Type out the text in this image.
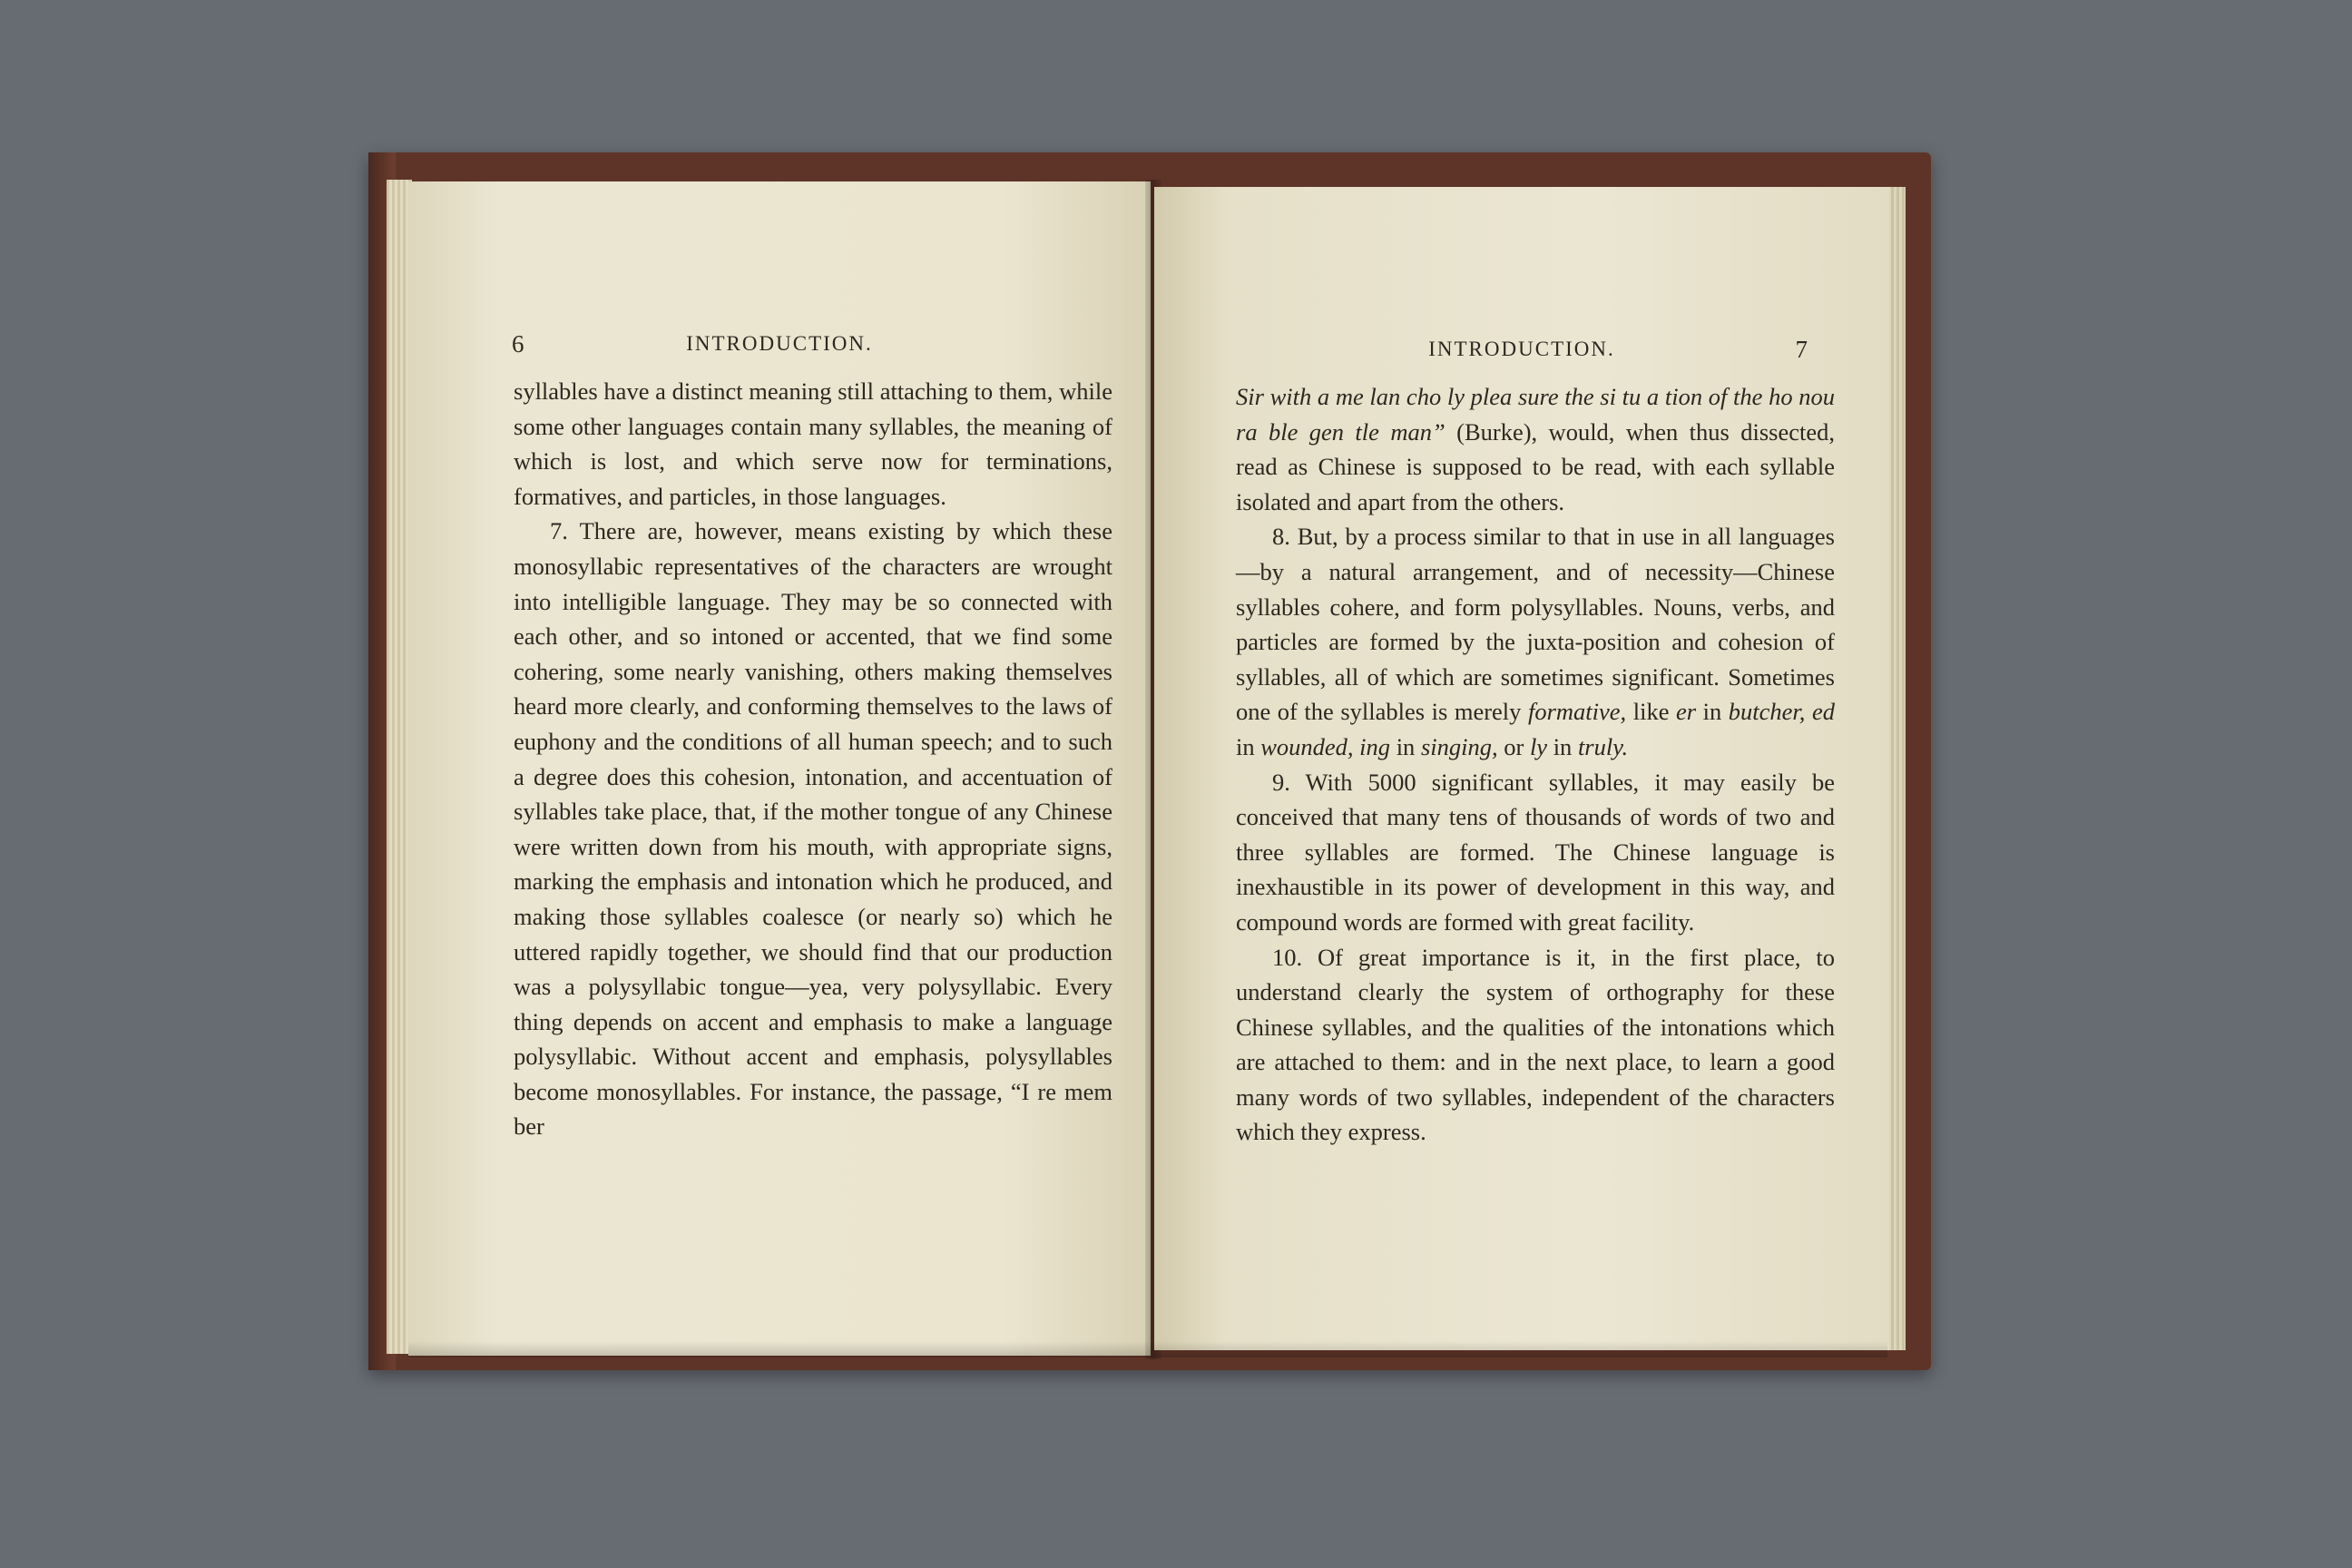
6	INTRODUCTION.

syllables have a distinct meaning still attaching to them, while some other languages contain many syllables, the meaning of which is lost, and which serve now for terminations, formatives, and particles, in those languages.

7. There are, however, means existing by which these monosyllabic representatives of the characters are wrought into intelligible language. They may be so connected with each other, and so intoned or accented, that we find some cohering, some nearly vanishing, others making themselves heard more clearly, and conforming themselves to the laws of euphony and the conditions of all human speech; and to such a degree does this cohesion, intonation, and accentuation of syllables take place, that, if the mother tongue of any Chinese were written down from his mouth, with appropriate signs, marking the emphasis and intonation which he produced, and making those syllables coalesce (or nearly so) which he uttered rapidly together, we should find that our production was a polysyllabic tongue—yea, very polysyllabic. Every thing depends on accent and emphasis to make a language polysyllabic. Without accent and emphasis, polysyllables become monosyllables. For instance, the passage, “I re mem ber

INTRODUCTION.	7

Sir with a me lan cho ly plea sure the si tu a tion of the ho nou ra ble gen tle man” (Burke), would, when thus dissected, read as Chinese is supposed to be read, with each syllable isolated and apart from the others.

8. But, by a process similar to that in use in all languages—by a natural arrangement, and of necessity—Chinese syllables cohere, and form polysyllables. Nouns, verbs, and particles are formed by the juxta-position and cohesion of syllables, all of which are sometimes significant. Sometimes one of the syllables is merely formative, like er in butcher, ed in wounded, ing in singing, or ly in truly.

9. With 5000 significant syllables, it may easily be conceived that many tens of thousands of words of two and three syllables are formed. The Chinese language is inexhaustible in its power of development in this way, and compound words are formed with great facility.

10. Of great importance is it, in the first place, to understand clearly the system of orthography for these Chinese syllables, and the qualities of the intonations which are attached to them: and in the next place, to learn a good many words of two syllables, independent of the characters which they express.
